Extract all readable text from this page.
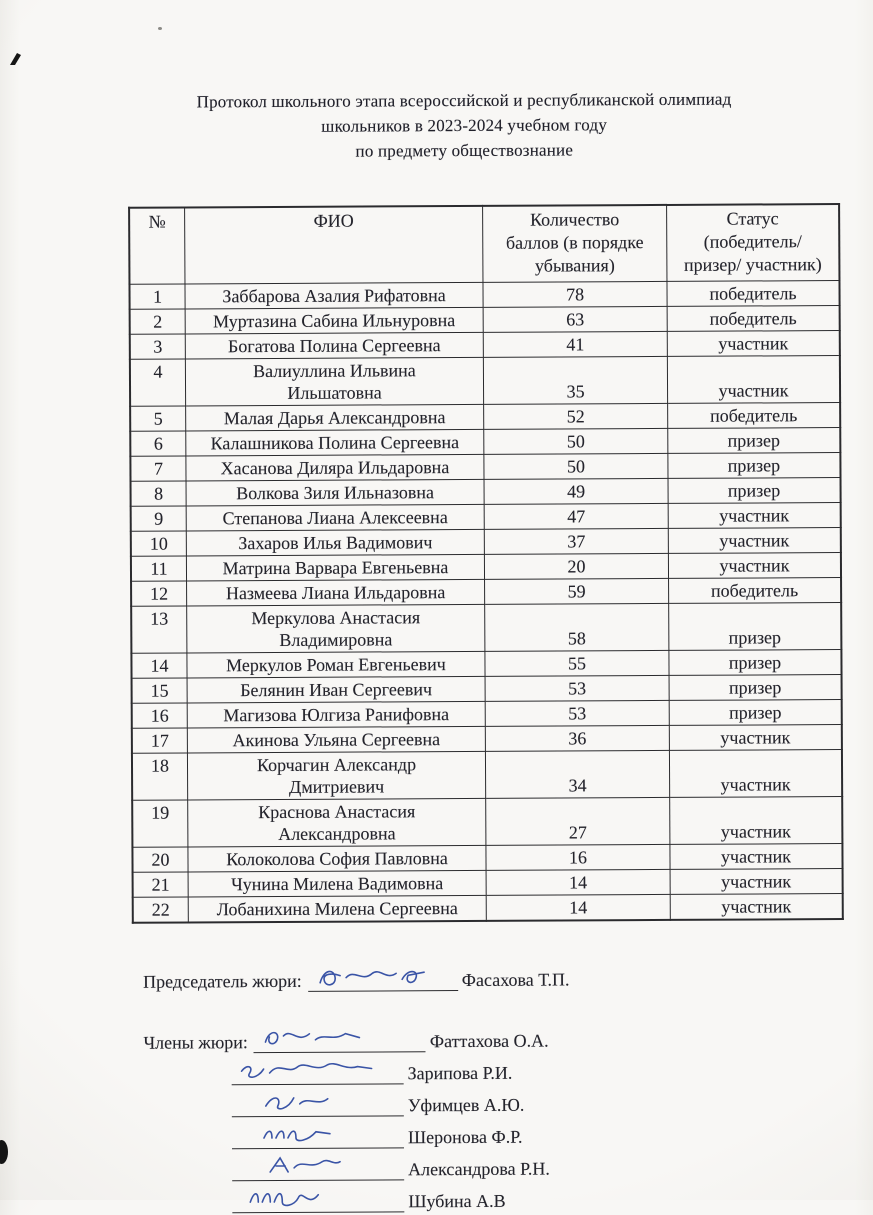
Протокол школьного этапа всероссийской и республиканской олимпиад
школьников в 2023-2024 учебном году
по предмету обществознание
№	ФИО	Количество
баллов (в порядке
убывания)	Статус
(победитель/
призер/ участник)
1	Заббарова Азалия Рифатовна	78	победитель
2	Муртазина Сабина Ильнуровна	63	победитель
3	Богатова Полина Сергеевна	41	участник
4	Валиуллина Ильвина
Ильшатовна	35	участник
5	Малая Дарья Александровна	52	победитель
6	Калашникова Полина Сергеевна	50	призер
7	Хасанова Диляра Ильдаровна	50	призер
8	Волкова Зиля Ильназовна	49	призер
9	Степанова Лиана Алексеевна	47	участник
10	Захаров Илья Вадимович	37	участник
11	Матрина Варвара Евгеньевна	20	участник
12	Назмеева Лиана Ильдаровна	59	победитель
13	Меркулова Анастасия
Владимировна	58	призер
14	Меркулов Роман Евгеньевич	55	призер
15	Белянин Иван Сергеевич	53	призер
16	Магизова Юлгиза Ранифовна	53	призер
17	Акинова Ульяна Сергеевна	36	участник
18	Корчагин Александр
Дмитриевич	34	участник
19	Краснова Анастасия
Александровна	27	участник
20	Колоколова София Павловна	16	участник
21	Чунина Милена Вадимовна	14	участник
22	Лобанихина Милена Сергеевна	14	участник
Председатель жюри:	Фасахова Т.П.
Члены жюри:	Фаттахова О.А.
Зарипова Р.И.
Уфимцев А.Ю.
Шеронова Ф.Р.
Александрова Р.Н.
Шубина А.В
